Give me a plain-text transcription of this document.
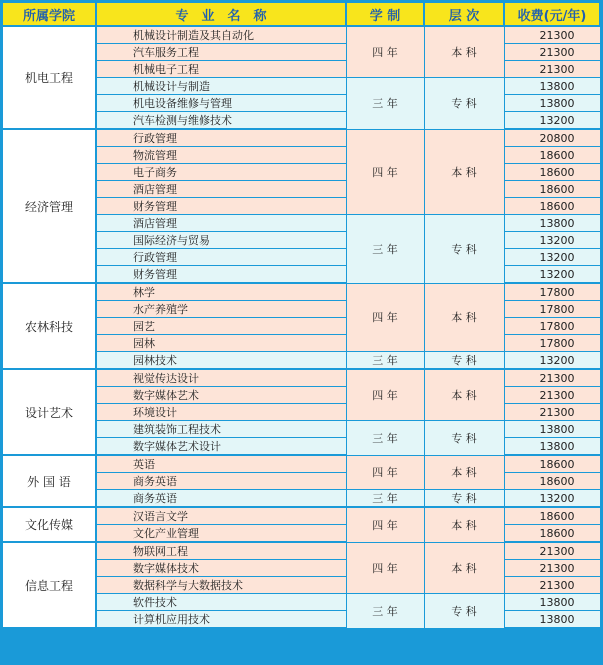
所属学院	专　业　名　称	学 制	层 次	收费(元/年)
机电工程	机械设计制造及其自动化	四 年	本 科	21300
	汽车服务工程			21300
	机械电子工程			21300
	机械设计与制造	三 年	专 科	13800
	机电设备维修与管理			13800
	汽车检测与维修技术			13200
经济管理	行政管理	四 年	本 科	20800
	物流管理			18600
	电子商务			18600
	酒店管理			18600
	财务管理			18600
	酒店管理	三 年	专 科	13800
	国际经济与贸易			13200
	行政管理			13200
	财务管理			13200
农林科技	林学	四 年	本 科	17800
	水产养殖学			17800
	园艺			17800
	园林			17800
	园林技术	三 年	专 科	13200
设计艺术	视觉传达设计	四 年	本 科	21300
	数字媒体艺术			21300
	环境设计			21300
	建筑装饰工程技术	三 年	专 科	13800
	数字媒体艺术设计			13800
外 国 语	英语	四 年	本 科	18600
	商务英语			18600
	商务英语	三 年	专 科	13200
文化传媒	汉语言文学	四 年	本 科	18600
	文化产业管理			18600
信息工程	物联网工程	四 年	本 科	21300
	数字媒体技术			21300
	数据科学与大数据技术			21300
	软件技术	三 年	专 科	13800
	计算机应用技术			13800
